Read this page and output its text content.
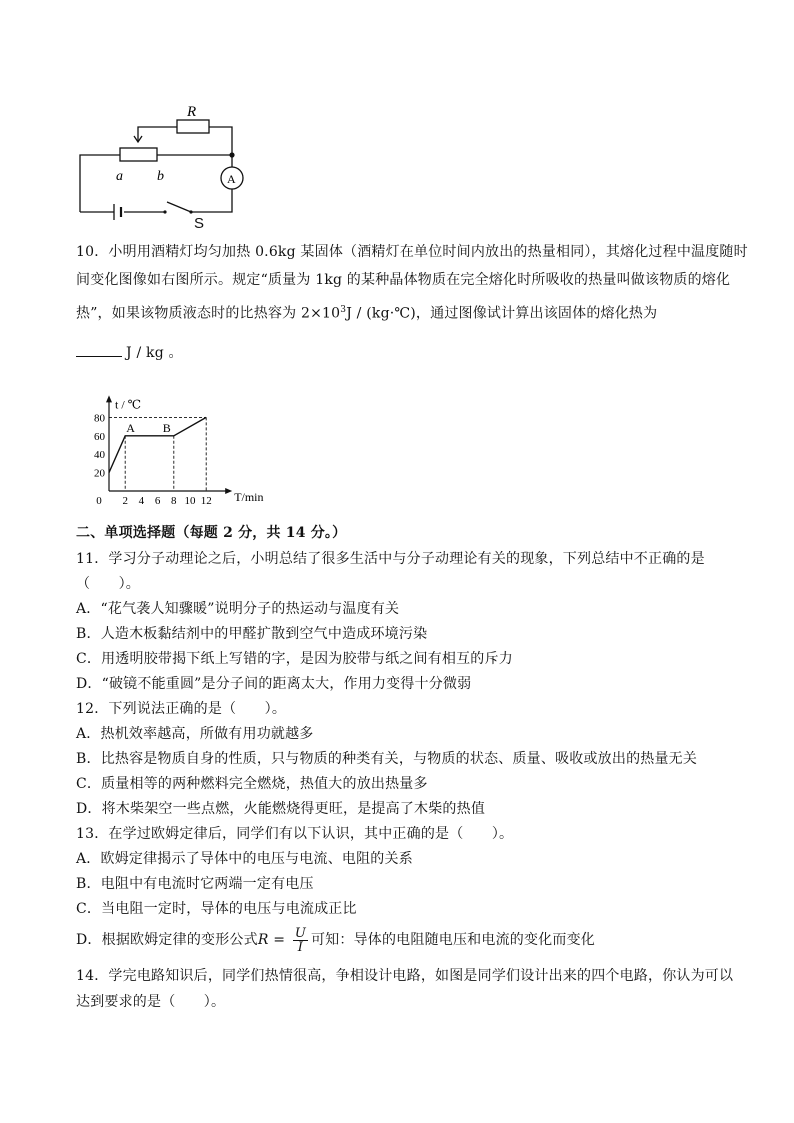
R
a b	A
S
10．小明用酒精灯均匀加热 0.6kg 某固体（酒精灯在单位时间内放出的热量相同），其熔化过程中温度随时
间变化图像如右图所示。规定“质量为 1kg 的某种晶体物质在完全熔化时所吸收的热量叫做该物质的熔化
热”，如果该物质液态时的比热容为 $2\times 10^3J$ / (kg·℃)，通过图像试计算出该固体的熔化热为
J / kg 。
t / ℃
T/min
0 2 4 6 8 10 12
20
40
60
80
A B
二、单项选择题（每题 2 分，共 14 分。）
11．学习分子动理论之后，小明总结了很多生活中与分子动理论有关的现象，下列总结中不正确的是
（　　）。
A．“花气袭人知骤暖”说明分子的热运动与温度有关
B．人造木板黏结剂中的甲醛扩散到空气中造成环境污染
C．用透明胶带揭下纸上写错的字，是因为胶带与纸之间有相互的斥力
D．“破镜不能重圆”是分子间的距离太大，作用力变得十分微弱
12．下列说法正确的是（　　）。
A．热机效率越高，所做有用功就越多
B．比热容是物质自身的性质，只与物质的种类有关，与物质的状态、质量、吸收或放出的热量无关
C．质量相等的两种燃料完全燃烧，热值大的放出热量多
D．将木柴架空一些点燃，火能燃烧得更旺，是提高了木柴的热值
13．在学过欧姆定律后，同学们有以下认识，其中正确的是（　　）。
A．欧姆定律揭示了导体中的电压与电流、电阻的关系
B．电阻中有电流时它两端一定有电压
C．当电阻一定时，导体的电压与电流成正比
D．根据欧姆定律的变形公式$R = \frac{U}{I}$ 可知：导体的电阻随电压和电流的变化而变化
14．学完电路知识后，同学们热情很高，争相设计电路，如图是同学们设计出来的四个电路，你认为可以
达到要求的是（　　）。
